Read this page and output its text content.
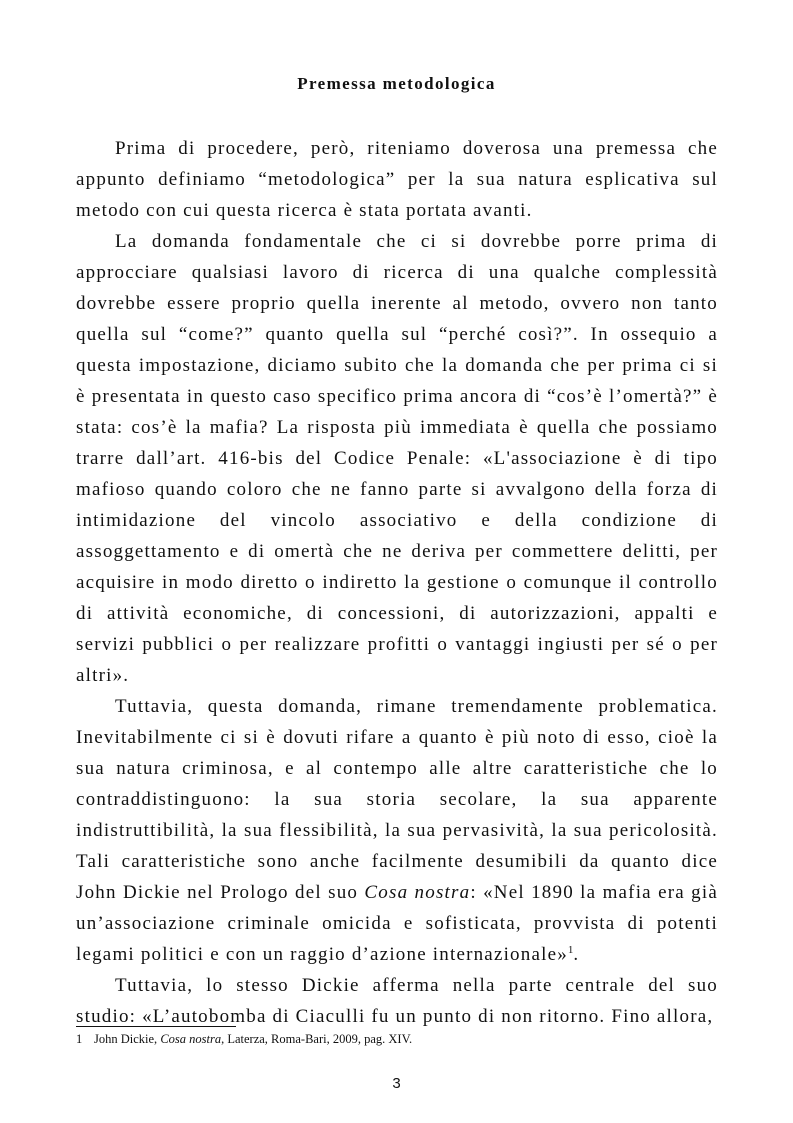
Premessa metodologica

Prima di procedere, però, riteniamo doverosa una premessa che appunto definiamo “metodologica” per la sua natura esplicativa sul metodo con cui questa ricerca è stata portata avanti.

La domanda fondamentale che ci si dovrebbe porre prima di approcciare qualsiasi lavoro di ricerca di una qualche complessità dovrebbe essere proprio quella inerente al metodo, ovvero non tanto quella sul “come?” quanto quella sul “perché così?”. In ossequio a questa impostazione, diciamo subito che la domanda che per prima ci si è presentata in questo caso specifico prima ancora di “cos’è l’omertà?” è stata: cos’è la mafia? La risposta più immediata è quella che possiamo trarre dall’art. 416-bis del Codice Penale: «L'associazione è di tipo mafioso quando coloro che ne fanno parte si avvalgono della forza di intimidazione del vincolo associativo e della condizione di assoggettamento e di omertà che ne deriva per commettere delitti, per acquisire in modo diretto o indiretto la gestione o comunque il controllo di attività economiche, di concessioni, di autorizzazioni, appalti e servizi pubblici o per realizzare profitti o vantaggi ingiusti per sé o per altri».

Tuttavia, questa domanda, rimane tremendamente problematica. Inevitabilmente ci si è dovuti rifare a quanto è più noto di esso, cioè la sua natura criminosa, e al contempo alle altre caratteristiche che lo contraddistinguono: la sua storia secolare, la sua apparente indistruttibilità, la sua flessibilità, la sua pervasività, la sua pericolosità. Tali caratteristiche sono anche facilmente desumibili da quanto dice John Dickie nel Prologo del suo Cosa nostra: «Nel 1890 la mafia era già un’associazione criminale omicida e sofisticata, provvista di potenti legami politici e con un raggio d’azione internazionale»$^1$.

Tuttavia, lo stesso Dickie afferma nella parte centrale del suo studio: «L’autobomba di Ciaculli fu un punto di non ritorno. Fino allora,

1 John Dickie, Cosa nostra, Laterza, Roma-Bari, 2009, pag. XIV.
3
